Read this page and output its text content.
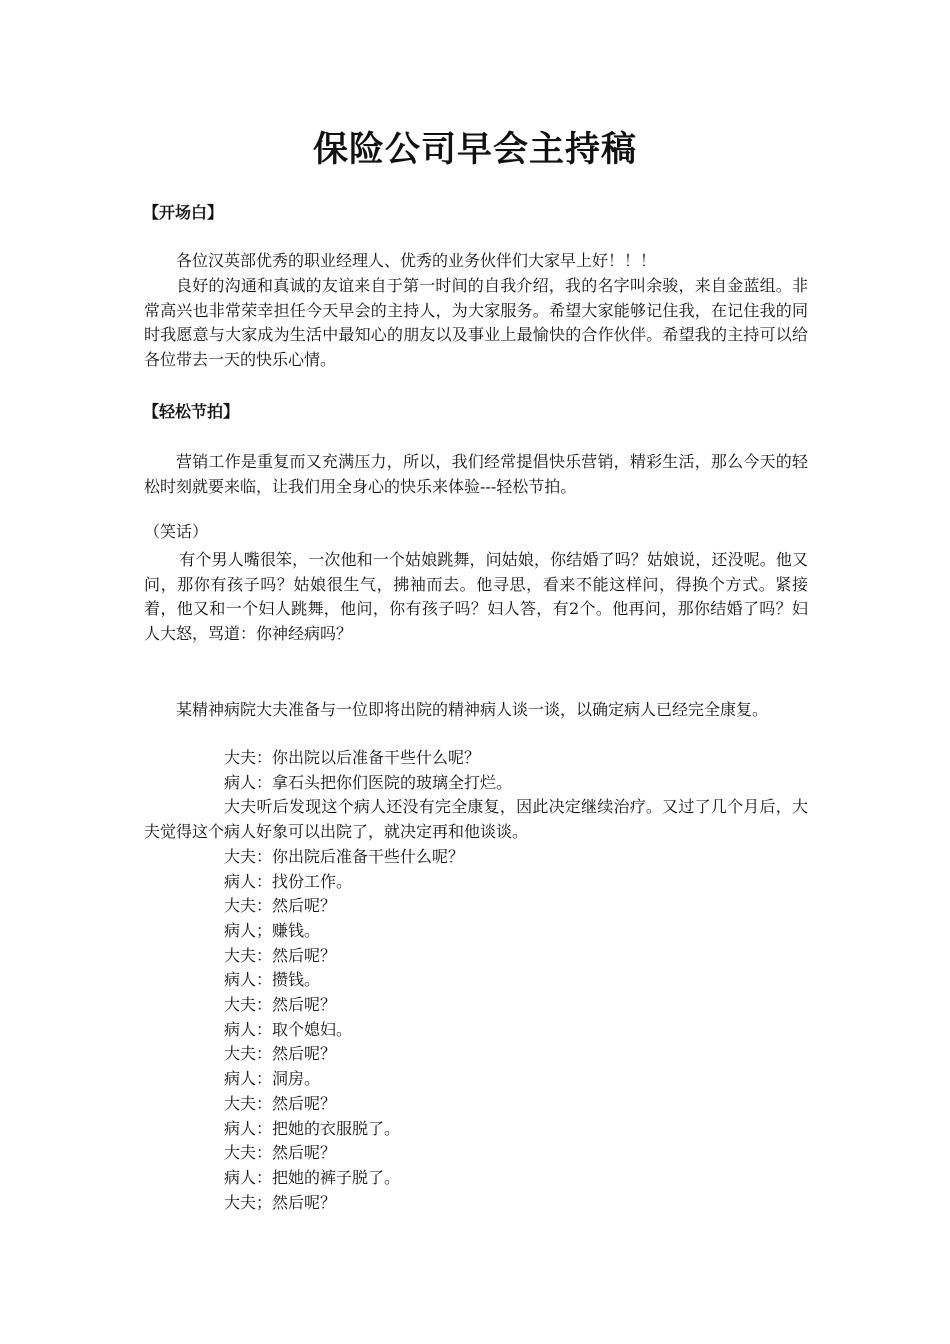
保险公司早会主持稿
【开场白】

各位汉英部优秀的职业经理人、优秀的业务伙伴们大家早上好！！！

良好的沟通和真诚的友谊来自于第一时间的自我介绍，我的名字叫余骏，来自金蓝组。非常高兴也非常荣幸担任今天早会的主持人，为大家服务。希望大家能够记住我，在记住我的同时我愿意与大家成为生活中最知心的朋友以及事业上最愉快的合作伙伴。希望我的主持可以给各位带去一天的快乐心情。

【轻松节拍】

营销工作是重复而又充满压力，所以，我们经常提倡快乐营销，精彩生活，那么今天的轻松时刻就要来临，让我们用全身心的快乐来体验---轻松节拍。

（笑话）

有个男人嘴很笨，一次他和一个姑娘跳舞，问姑娘，你结婚了吗？姑娘说，还没呢。他又问，那你有孩子吗？姑娘很生气，拂袖而去。他寻思，看来不能这样问，得换个方式。紧接着，他又和一个妇人跳舞，他问，你有孩子吗？妇人答，有2个。他再问，那你结婚了吗？妇人大怒，骂道：你神经病吗？

某精神病院大夫准备与一位即将出院的精神病人谈一谈，以确定病人已经完全康复。

大夫：你出院以后准备干些什么呢？
病人：拿石头把你们医院的玻璃全打烂。
大夫听后发现这个病人还没有完全康复，因此决定继续治疗。又过了几个月后，大夫觉得这个病人好象可以出院了，就决定再和他谈谈。
大夫：你出院后准备干些什么呢？
病人：找份工作。
大夫：然后呢？
病人；赚钱。
大夫：然后呢？
病人：攒钱。
大夫：然后呢？
病人：取个媳妇。
大夫：然后呢？
病人：洞房。
大夫：然后呢？
病人：把她的衣服脱了。
大夫：然后呢？
病人：把她的裤子脱了。
大夫；然后呢？
